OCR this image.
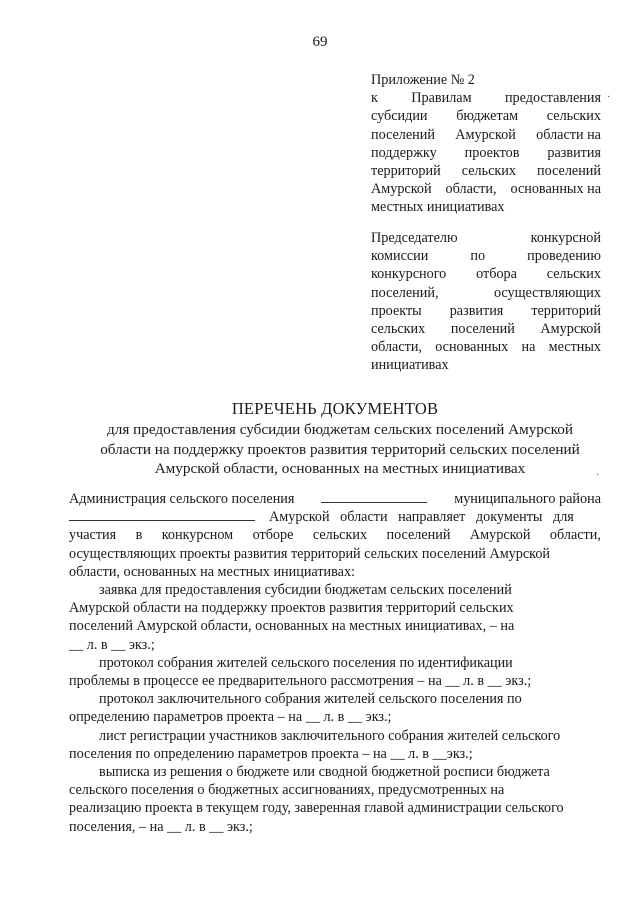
69
Приложение № 2
к Правилам предоставления
субсидии бюджетам сельских
поселений Амурской области на
поддержку проектов развития
территорий сельских поселений
Амурской области, основанных на
местных инициативах
Председателю	конкурсной
комиссии	по	проведению
конкурсного отбора сельских
поселений,	осуществляющих
проекты развития территорий
сельских поселений Амурской
области, основанных на местных
инициативах
ПЕРЕЧЕНЬ ДОКУМЕНТОВ
для предоставления субсидии бюджетам сельских поселений Амурской
области на поддержку проектов развития территорий сельских поселений
Амурской области, основанных на местных инициативах
Администрация сельского поселения	муниципального района
Амурской области направляет документы для
участия в конкурсном отборе сельских поселений Амурской области,
осуществляющих проекты развития территорий сельских поселений Амурской
области, основанных на местных инициативах:
заявка для предоставления субсидии бюджетам сельских поселений
Амурской области на поддержку проектов развития территорий сельских
поселений Амурской области, основанных на местных инициативах, – на
__ л. в __ экз.;
протокол собрания жителей сельского поселения по идентификации
проблемы в процессе ее предварительного рассмотрения – на __ л. в __ экз.;
протокол заключительного собрания жителей сельского поселения по
определению параметров проекта – на __ л. в __ экз.;
лист регистрации участников заключительного собрания жителей сельского
поселения по определению параметров проекта – на __ л. в __экз.;
выписка из решения о бюджете или сводной бюджетной росписи бюджета
сельского поселения о бюджетных ассигнованиях, предусмотренных на
реализацию проекта в текущем году, заверенная главой администрации сельского
поселения, – на __ л. в __ экз.;
·
·
